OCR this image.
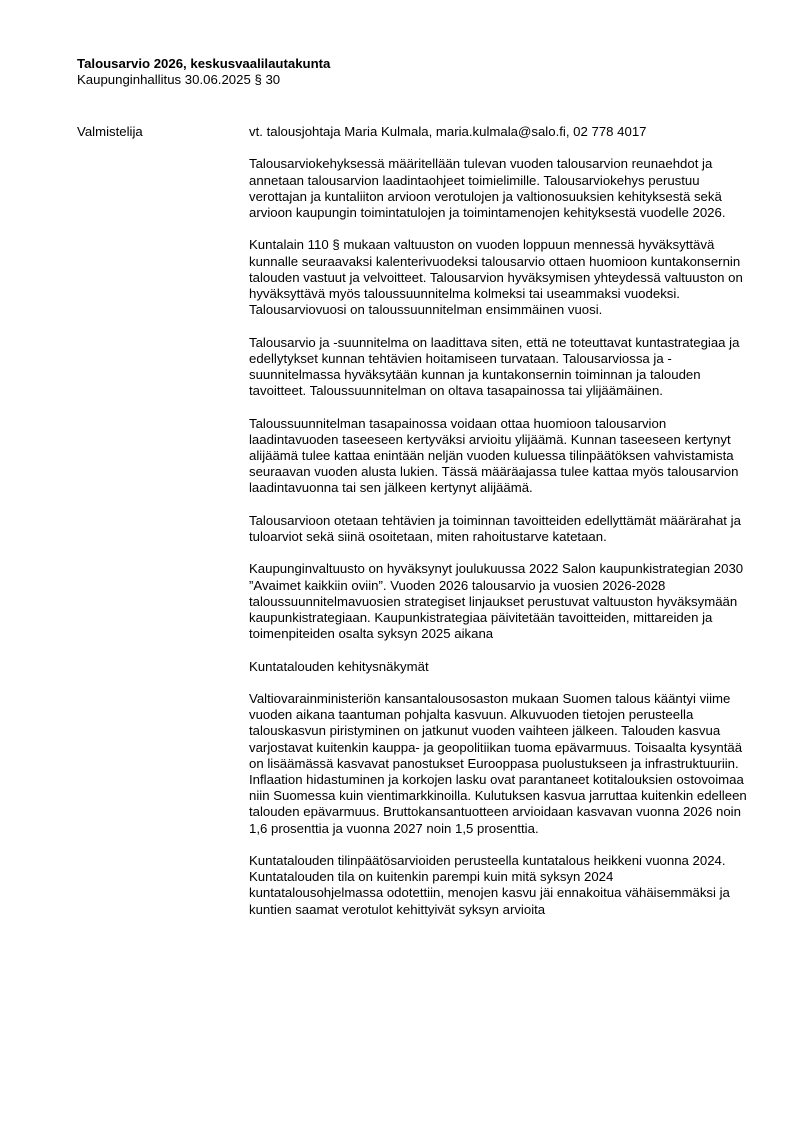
Talousarvio 2026, keskusvaalilautakunta

Kaupunginhallitus 30.06.2025 § 30

Valmistelija	vt. talousjohtaja Maria Kulmala, maria.kulmala@salo.fi, 02 778 4017

Talousarviokehyksessä määritellään tulevan vuoden talousarvion reunaehdot ja annetaan talousarvion laadintaohjeet toimielimille. Talousarviokehys perustuu verottajan ja kuntaliiton arvioon verotulojen ja valtionosuuksien kehityksestä sekä arvioon kaupungin toimintatulojen ja toimintamenojen kehityksestä vuodelle 2026.

Kuntalain 110 § mukaan valtuuston on vuoden loppuun mennessä hyväksyttävä kunnalle seuraavaksi kalenterivuodeksi talousarvio ottaen huomioon kuntakonsernin talouden vastuut ja velvoitteet. Talousarvion hyväksymisen yhteydessä valtuuston on hyväksyttävä myös taloussuunnitelma kolmeksi tai useammaksi vuodeksi. Talousarviovuosi on taloussuunnitelman ensimmäinen vuosi.

Talousarvio ja -suunnitelma on laadittava siten, että ne toteuttavat kuntastrategiaa ja edellytykset kunnan tehtävien hoitamiseen turvataan. Talousarviossa ja -suunnitelmassa hyväksytään kunnan ja kuntakonsernin toiminnan ja talouden tavoitteet. Taloussuunnitelman on oltava tasapainossa tai ylijäämäinen.

Taloussuunnitelman tasapainossa voidaan ottaa huomioon talousarvion laadintavuoden taseeseen kertyväksi arvioitu ylijäämä. Kunnan taseeseen kertynyt alijäämä tulee kattaa enintään neljän vuoden kuluessa tilinpäätöksen vahvistamista seuraavan vuoden alusta lukien. Tässä määräajassa tulee kattaa myös talousarvion laadintavuonna tai sen jälkeen kertynyt alijäämä.

Talousarvioon otetaan tehtävien ja toiminnan tavoitteiden edellyttämät määrärahat ja tuloarviot sekä siinä osoitetaan, miten rahoitustarve katetaan.

Kaupunginvaltuusto on hyväksynyt joulukuussa 2022 Salon kaupunkistrategian 2030 ”Avaimet kaikkiin oviin”. Vuoden 2026 talousarvio ja vuosien 2026-2028 taloussuunnitelmavuosien strategiset linjaukset perustuvat valtuuston hyväksymään kaupunkistrategiaan. Kaupunkistrategiaa päivitetään tavoitteiden, mittareiden ja toimenpiteiden osalta syksyn 2025 aikana

Kuntatalouden kehitysnäkymät

Valtiovarainministeriön kansantalousosaston mukaan Suomen talous kääntyi viime vuoden aikana taantuman pohjalta kasvuun. Alkuvuoden tietojen perusteella talouskasvun piristyminen on jatkunut vuoden vaihteen jälkeen. Talouden kasvua varjostavat kuitenkin kauppa- ja geopolitiikan tuoma epävarmuus. Toisaalta kysyntää on lisäämässä kasvavat panostukset Eurooppasa puolustukseen ja infrastruktuuriin. Inflaation hidastuminen ja korkojen lasku ovat parantaneet kotitalouksien ostovoimaa niin Suomessa kuin vientimarkkinoilla. Kulutuksen kasvua jarruttaa kuitenkin edelleen talouden epävarmuus. Bruttokansantuotteen arvioidaan kasvavan vuonna 2026 noin 1,6 prosenttia ja vuonna 2027 noin 1,5 prosenttia.

Kuntatalouden tilinpäätösarvioiden perusteella kuntatalous heikkeni vuonna 2024. Kuntatalouden tila on kuitenkin parempi kuin mitä syksyn 2024 kuntatalousohjelmassa odotettiin, menojen kasvu jäi ennakoitua vähäisemmäksi ja kuntien saamat verotulot kehittyivät syksyn arvioita
